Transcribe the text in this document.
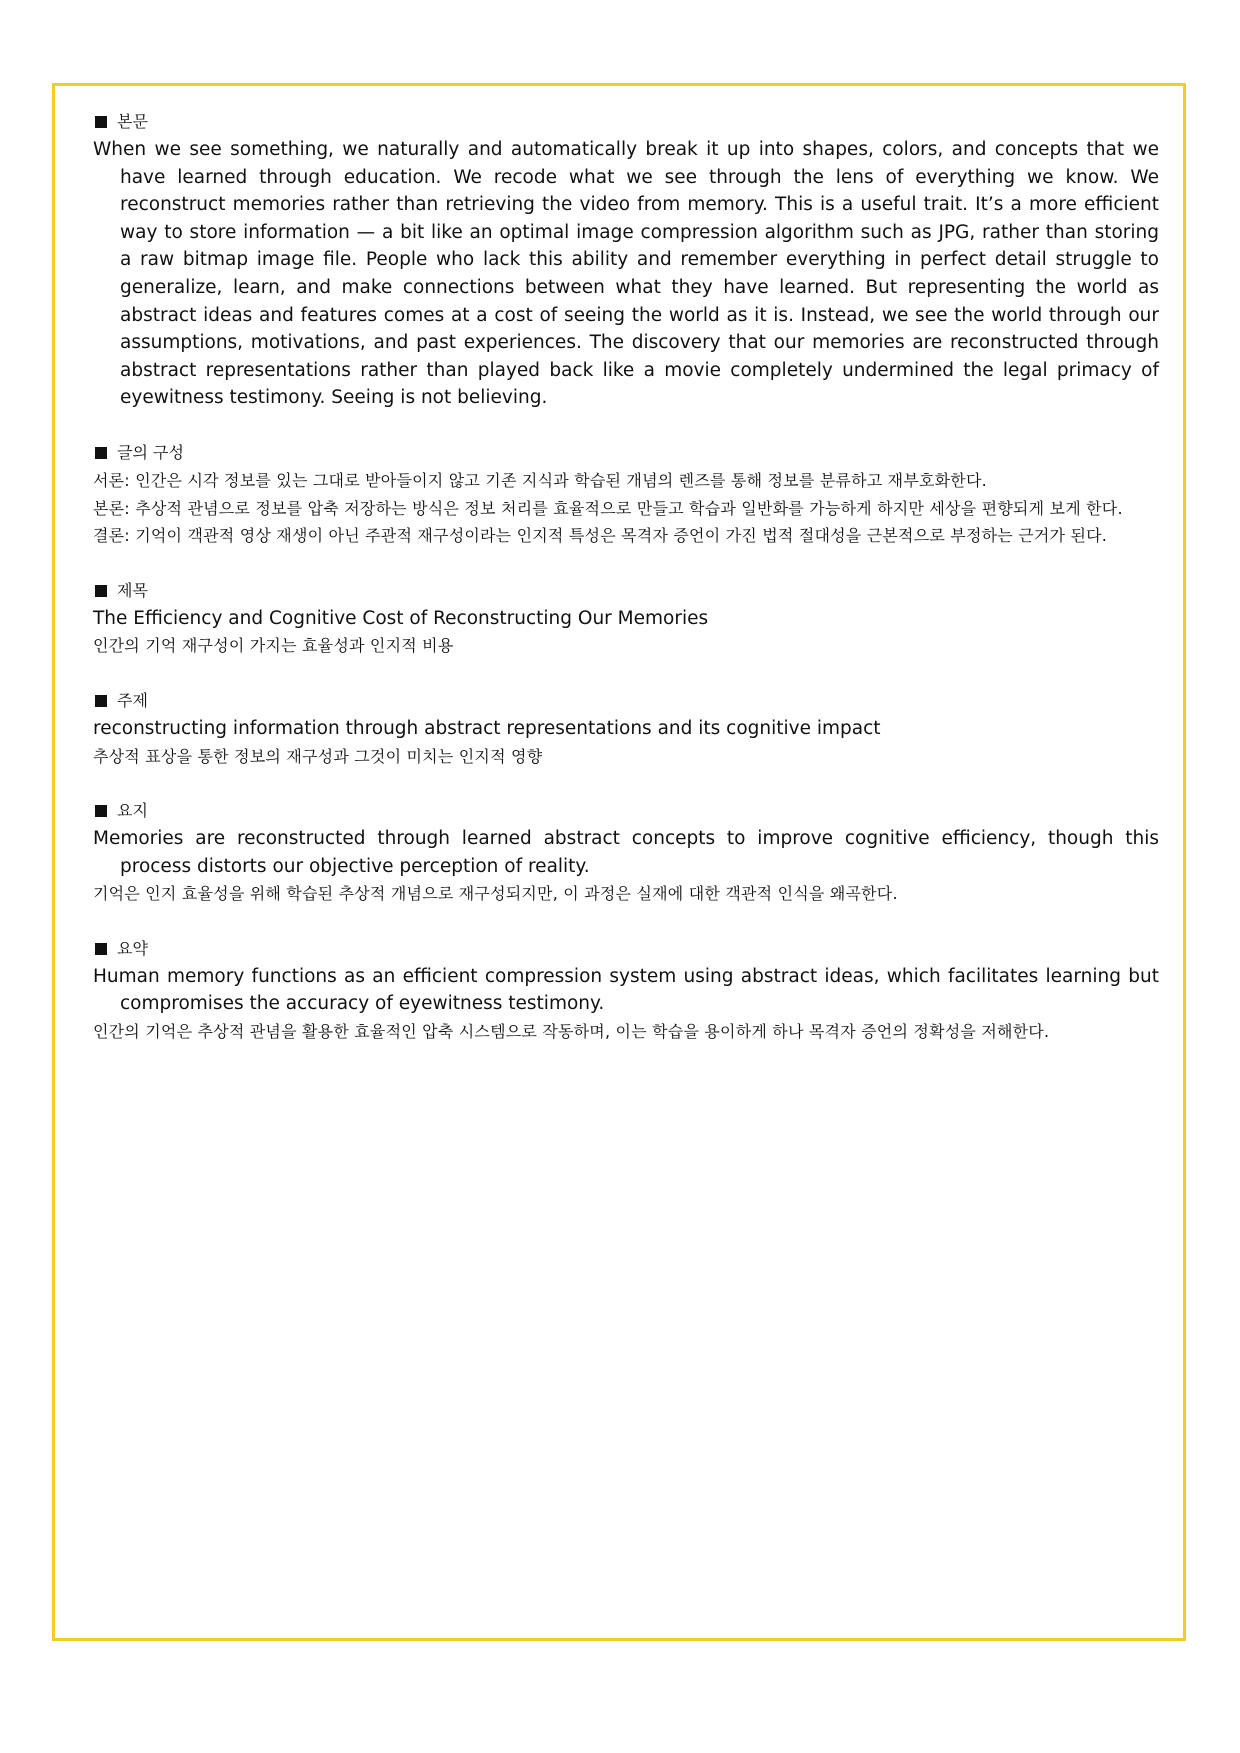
본문

When we see something, we naturally and automatically break it up into shapes, colors, and concepts that we have learned through education. We recode what we see through the lens of everything we know. We reconstruct memories rather than retrieving the video from memory. This is a useful trait. It’s a more efficient way to store information — a bit like an optimal image compression algorithm such as JPG, rather than storing a raw bitmap image file. People who lack this ability and remember everything in perfect detail struggle to generalize, learn, and make connections between what they have learned. But representing the world as abstract ideas and features comes at a cost of seeing the world as it is. Instead, we see the world through our assumptions, motivations, and past experiences. The discovery that our memories are reconstructed through abstract representations rather than played back like a movie completely undermined the legal primacy of eyewitness testimony. Seeing is not believing.

글의 구성
서론: 인간은 시각 정보를 있는 그대로 받아들이지 않고 기존 지식과 학습된 개념의 렌즈를 통해 정보를 분류하고 재부호화한다.
본론: 추상적 관념으로 정보를 압축 저장하는 방식은 정보 처리를 효율적으로 만들고 학습과 일반화를 가능하게 하지만 세상을 편향되게 보게 한다.
결론: 기억이 객관적 영상 재생이 아닌 주관적 재구성이라는 인지적 특성은 목격자 증언이 가진 법적 절대성을 근본적으로 부정하는 근거가 된다.
제목
The Efficiency and Cognitive Cost of Reconstructing Our Memories
인간의 기억 재구성이 가지는 효율성과 인지적 비용
주제
reconstructing information through abstract representations and its cognitive impact
추상적 표상을 통한 정보의 재구성과 그것이 미치는 인지적 영향
요지
Memories are reconstructed through learned abstract concepts to improve cognitive efficiency, though this process distorts our objective perception of reality.
기억은 인지 효율성을 위해 학습된 추상적 개념으로 재구성되지만, 이 과정은 실재에 대한 객관적 인식을 왜곡한다.
요약
Human memory functions as an efficient compression system using abstract ideas, which facilitates learning but compromises the accuracy of eyewitness testimony.
인간의 기억은 추상적 관념을 활용한 효율적인 압축 시스템으로 작동하며, 이는 학습을 용이하게 하나 목격자 증언의 정확성을 저해한다.
